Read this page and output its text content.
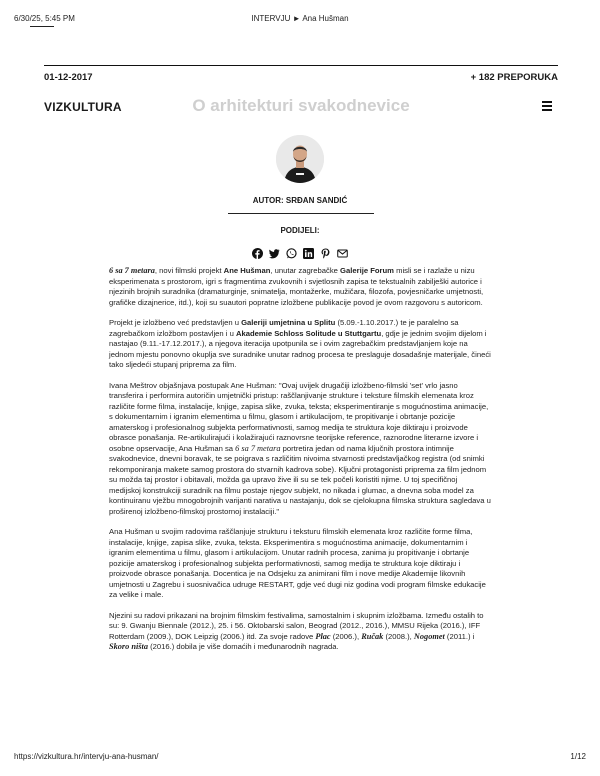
6/30/25, 5:45 PM	INTERVJU ► Ana Hušman
01-12-2017	+ 182 PREPORUKA
VIZKULTURA	O arhitekturi svakodnevice
AUTOR: SRĐAN SANDIĆ
PODIJELI:

6 sa 7 metara, novi filmski projekt Ane Hušman, unutar zagrebačke Galerije Forum misli se i razlaže u nizu eksperimenata s prostorom, igri s fragmentima zvukovnih i svjetlosnih zapisa te tekstualnih zabilješki autorice i njezinih brojnih suradnika (dramaturginje, snimatelja, montažerke, mužičara, filozofa, povjesničarke umjetnosti, grafičke dizajnerice, itd.), koji su suautori popratne izložbene publikacije povod je ovom razgovoru s autoricom.

Projekt je izložbeno već predstavljen u Galeriji umjetnina u Splitu (5.09.-1.10.2017.) te je paralelno sa zagrebačkom izložbom postavljen i u Akademie Schloss Solitude u Stuttgartu, gdje je jednim svojim dijelom i nastajao (9.11.-17.12.2017.), a njegova iteracija upotpunila se i ovim zagrebačkim predstavljanjem koje na jednom mjestu ponovno okuplja sve suradnike unutar radnog procesa te preslaguje dosadašnje materijale, čineći tako sljedeći stupanj priprema za film.

Ivana Meštrov objašnjava postupak Ane Hušman: "Ovaj uvijek drugačiji izložbeno-filmski 'set' vrlo jasno transferira i performira autoričin umjetnički pristup: raščlanjivanje strukture i teksture filmskih elemenata kroz različite forme filma, instalacije, knjige, zapisa slike, zvuka, teksta; eksperimentiranje s mogućnostima animacije, s dokumentarnim i igranim elementima u filmu, glasom i artikulacijom, te propitivanje i obrtanje pozicije amaterskog i profesionalnog subjekta performativnosti, samog medija te struktura koje diktiraju i proizvode obrasce ponašanja. Re-artikulirajući i kolažirajući raznovrsne teorijske reference, raznorodne literarne izvore i osobne opservacije, Ana Hušman sa 6 sa 7 metara portretira jedan od nama ključnih prostora intimnije svakodnevice, dnevni boravak, te se poigrava s različitim nivoima stvarnosti predstavljačkog registra (od snimki rekomponiranja makete samog prostora do stvarnih kadrova sobe). Ključni protagonisti priprema za film jednom su možda taj prostor i obitavali, možda ga upravo žive ili su se tek počeli koristiti njime. U toj specifičnoj medijskoj konstrukciji suradnik na filmu postaje njegov subjekt, no nikada i glumac, a dnevna soba model za kontinuiranu vježbu mnogobrojnih varijanti narativa u nastajanju, dok se cjelokupna filmska struktura sagledava u proširenoj izložbeno-filmskoj prostornoj instalaciji."

Ana Hušman u svojim radovima raščlanjuje strukturu i teksturu filmskih elemenata kroz različite forme filma, instalacije, knjige, zapisa slike, zvuka, teksta. Eksperimentira s mogućnostima animacije, dokumentarnim i igranim elementima u filmu, glasom i artikulacijom. Unutar radnih procesa, zanima ju propitivanje i obrtanje pozicije amaterskog i profesionalnog subjekta performativnosti, samog medija te struktura koje diktiraju i proizvode obrasce ponašanja. Docentica je na Odsjeku za animirani film i nove medije Akademije likovnih umjetnosti u Zagrebu i suosnivačica udruge RESTART, gdje već dugi niz godina vodi program filmske edukacije za velike i male.

Njezini su radovi prikazani na brojnim filmskim festivalima, samostalnim i skupnim izložbama. Između ostalih to su: 9. Gwanju Biennale (2012.), 25. i 56. Oktobarski salon, Beograd (2012., 2016.), MMSU Rijeka (2016.), IFF Rotterdam (2009.), DOK Leipzig (2006.) itd. Za svoje radove Plac (2006.), Ručak (2008.), Nogomet (2011.) i Skoro ništa (2016.) dobila je više domaćih i međunarodnih nagrada.

https://vizkultura.hr/intervju-ana-husman/	1/12
